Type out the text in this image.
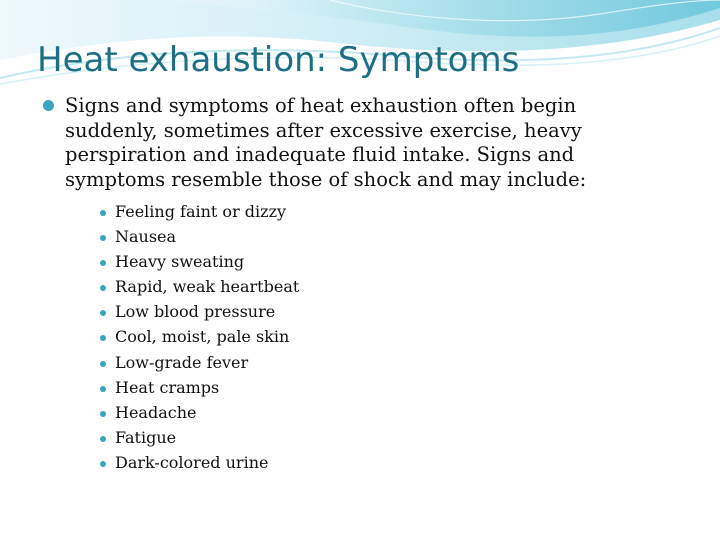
Heat exhaustion: Symptoms
Signs and symptoms of heat exhaustion often begin suddenly, sometimes after excessive exercise, heavy perspiration and inadequate fluid intake. Signs and symptoms resemble those of shock and may include:
Feeling faint or dizzy
Nausea
Heavy sweating
Rapid, weak heartbeat
Low blood pressure
Cool, moist, pale skin
Low-grade fever
Heat cramps
Headache
Fatigue
Dark-colored urine
